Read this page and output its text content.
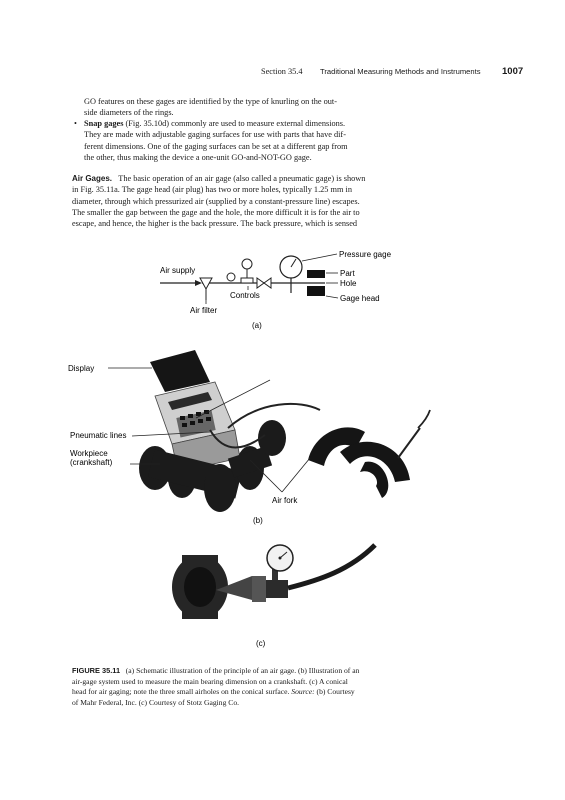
Section 35.4 Traditional Measuring Methods and Instruments 1007
GO features on these gages are identified by the type of knurling on the out-
side diameters of the rings.
• Snap gages (Fig. 35.10d) commonly are used to measure external dimensions.
They are made with adjustable gaging surfaces for use with parts that have dif-
ferent dimensions. One of the gaging surfaces can be set at a different gap from
the other, thus making the device a one-unit GO-and-NOT-GO gage.
Air Gages. The basic operation of an air gage (also called a pneumatic gage) is shown
in Fig. 35.11a. The gage head (air plug) has two or more holes, typically 1.25 mm in
diameter, through which pressurized air (supplied by a constant-pressure line) escapes.
The smaller the gap between the gage and the hole, the more difficult it is for the air to
escape, and hence, the higher is the back pressure. The back pressure, which is sensed
Pressure gage
Air supply
Air filter
Controls
Part
Hole
Gage head
(a)
Display
Pneumatic lines
Workpiece
(crankshaft)
Air fork
(b)
(c)
FIGURE 35.11 (a) Schematic illustration of the principle of an air gage. (b) Illustration of an
air-gage system used to measure the main bearing dimension on a crankshaft. (c) A conical
head for air gaging; note the three small airholes on the conical surface. Source: (b) Courtesy
of Mahr Federal, Inc. (c) Courtesy of Stotz Gaging Co.
